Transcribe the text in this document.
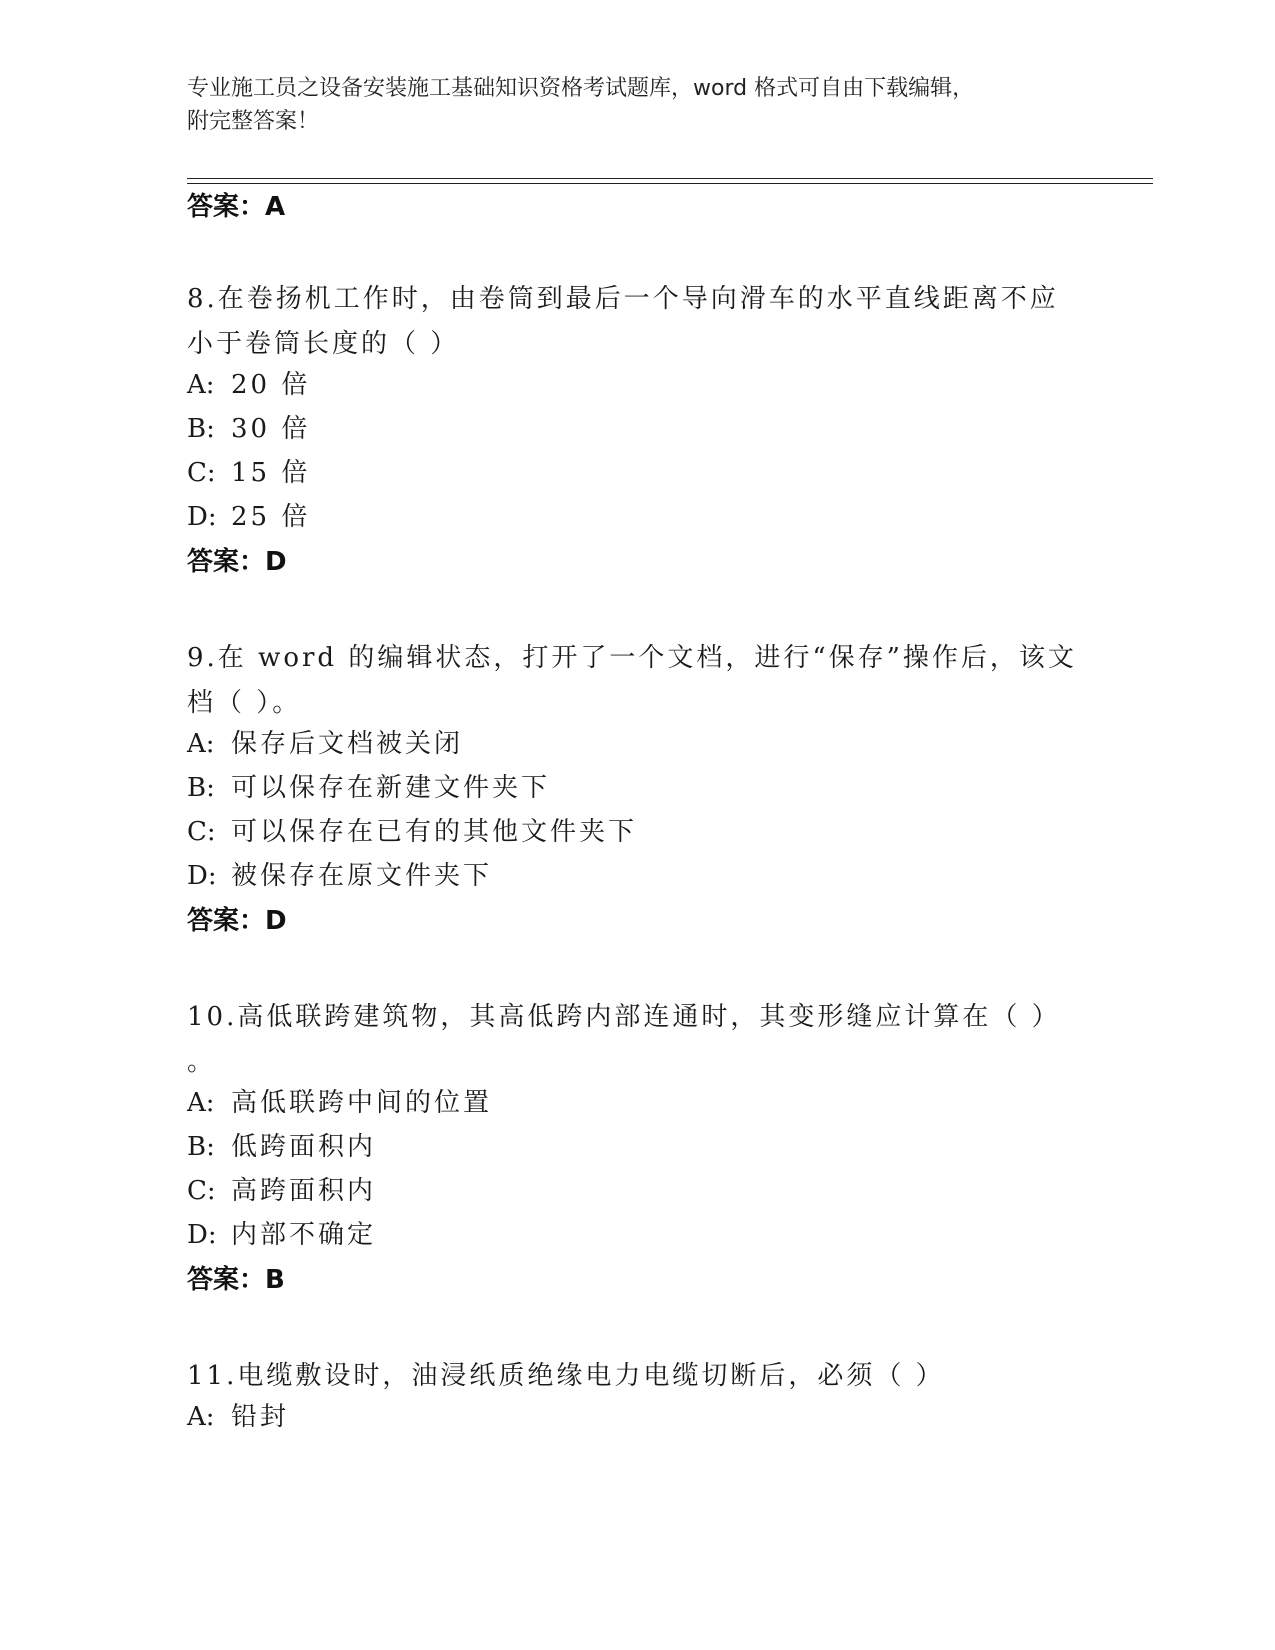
专业施工员之设备安装施工基础知识资格考试题库，word 格式可自由下载编辑，
附完整答案！
答案：A
8.在卷扬机工作时，由卷筒到最后一个导向滑车的水平直线距离不应
小于卷筒长度的（ ）
A: 20 倍
B: 30 倍
C: 15 倍
D: 25 倍
答案：D
9.在 word 的编辑状态，打开了一个文档，进行“保存”操作后，该文
档（ ）。
A: 保存后文档被关闭
B: 可以保存在新建文件夹下
C: 可以保存在已有的其他文件夹下
D: 被保存在原文件夹下
答案：D
10.高低联跨建筑物，其高低跨内部连通时，其变形缝应计算在（ ）
。
A: 高低联跨中间的位置
B: 低跨面积内
C: 高跨面积内
D: 内部不确定
答案：B
11.电缆敷设时，油浸纸质绝缘电力电缆切断后，必须（ ）
A: 铅封
